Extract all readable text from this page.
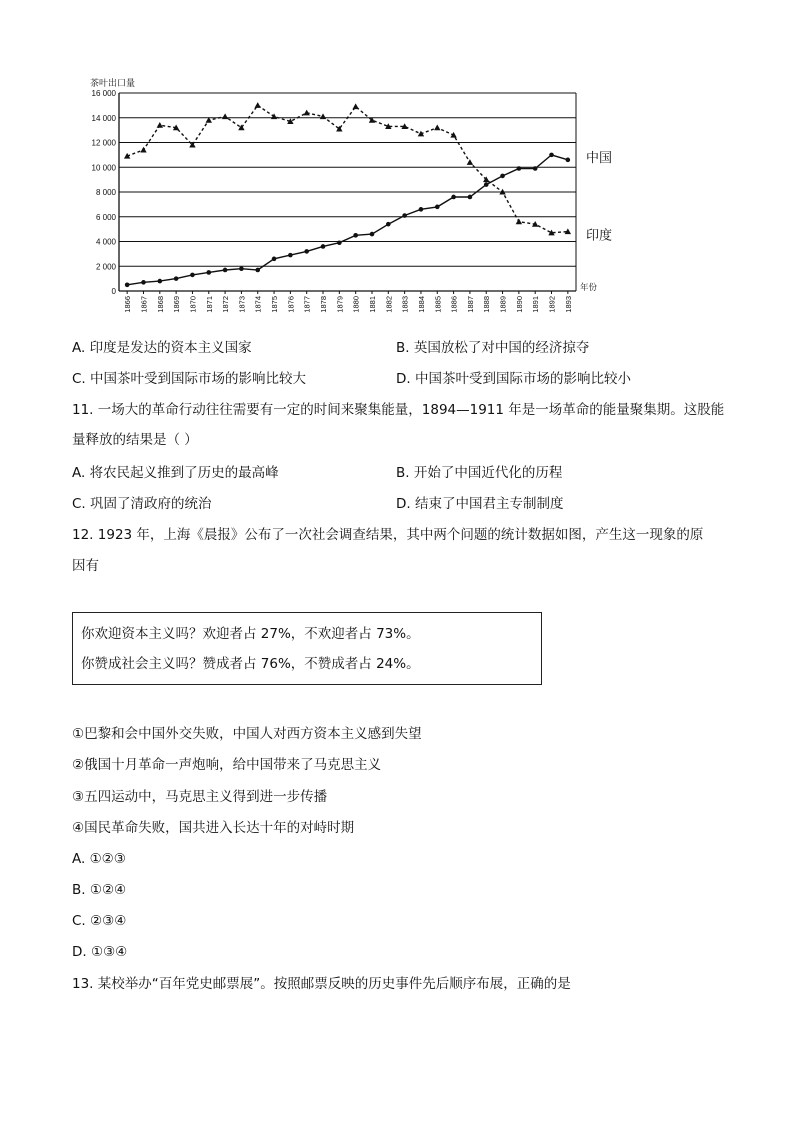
茶叶出口量
0
2 000
4 000
6 000
8 000
10 000
12 000
14 000
16 000
1866 1867 1868 1869 1870 1871 1872 1873 1874 1875 1876 1877 1878 1879 1880 1881 1882 1883 1884 1885 1886 1887 1888 1889 1890 1891 1892 1893
年份
印度
中国
A. 印度是发达的资本主义国家	B. 英国放松了对中国的经济掠夺
C. 中国茶叶受到国际市场的影响比较大	D. 中国茶叶受到国际市场的影响比较小
11. 一场大的革命行动往往需要有一定的时间来聚集能量，1894—1911 年是一场革命的能量聚集期。这股能
量释放的结果是（ ）
A. 将农民起义推到了历史的最高峰	B. 开始了中国近代化的历程
C. 巩固了清政府的统治	D. 结束了中国君主专制制度
12. 1923 年，上海《晨报》公布了一次社会调查结果，其中两个问题的统计数据如图，产生这一现象的原
因有
你欢迎资本主义吗？欢迎者占 27%，不欢迎者占 73%。
你赞成社会主义吗？赞成者占 76%，不赞成者占 24%。
①巴黎和会中国外交失败，中国人对西方资本主义感到失望
②俄国十月革命一声炮响，给中国带来了马克思主义
③五四运动中，马克思主义得到进一步传播
④国民革命失败，国共进入长达十年的对峙时期
A. ①②③
B. ①②④
C. ②③④
D. ①③④
13. 某校举办“百年党史邮票展”。按照邮票反映的历史事件先后顺序布展，正确的是
